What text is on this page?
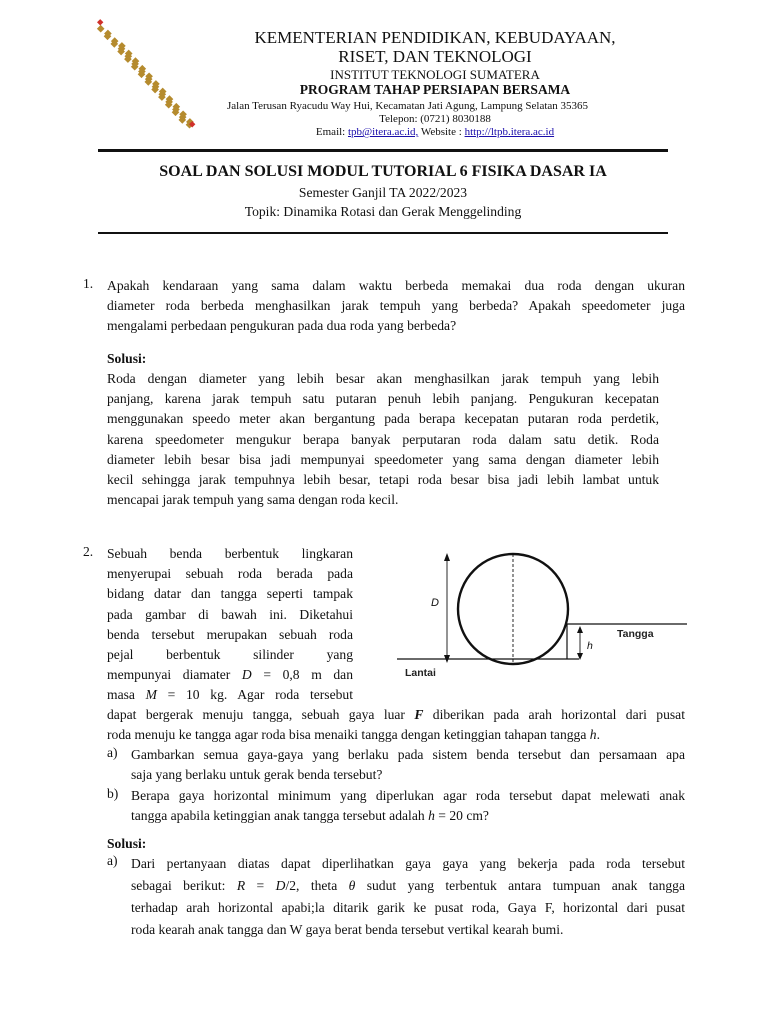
KEMENTERIAN PENDIDIKAN, KEBUDAYAAN,
RISET, DAN TEKNOLOGI
INSTITUT TEKNOLOGI SUMATERA
PROGRAM TAHAP PERSIAPAN BERSAMA
Jalan Terusan Ryacudu Way Hui, Kecamatan Jati Agung, Lampung Selatan 35365
Telepon: (0721) 8030188
Email: tpb@itera.ac.id, Website : http://ltpb.itera.ac.id
SOAL DAN SOLUSI MODUL TUTORIAL 6 FISIKA DASAR IA
Semester Ganjil TA 2022/2023
Topik: Dinamika Rotasi dan Gerak Menggelinding
1. Apakah kendaraan yang sama dalam waktu berbeda memakai dua roda dengan ukuran

diameter roda berbeda menghasilkan jarak tempuh yang berbeda? Apakah speedometer juga

mengalami perbedaan pengukuran pada dua roda yang berbeda?

Solusi:

Roda dengan diameter yang lebih besar akan menghasilkan jarak tempuh yang lebih

panjang, karena jarak tempuh satu putaran penuh lebih panjang. Pengukuran kecepatan

menggunakan speedo meter akan bergantung pada berapa kecepatan putaran roda perdetik,

karena speedometer mengukur berapa banyak perputaran roda dalam satu detik. Roda

diameter lebih besar bisa jadi mempunyai speedometer yang sama dengan diameter lebih

kecil sehingga jarak tempuhnya lebih besar, tetapi roda besar bisa jadi lebih lambat untuk

mencapai jarak tempuh yang sama dengan roda kecil.

2. Sebuah benda berbentuk lingkaran

menyerupai sebuah roda berada pada

bidang datar dan tangga seperti tampak

pada gambar di bawah ini. Diketahui

benda tersebut merupakan sebuah roda

pejal berbentuk silinder yang

mempunyai diamater D = 0,8 m dan

masa M = 10 kg. Agar roda tersebut

dapat bergerak menuju tangga, sebuah gaya luar F diberikan pada arah horizontal dari pusat

roda menuju ke tangga agar roda bisa menaiki tangga dengan ketinggian tahapan tangga h.

a) Gambarkan semua gaya-gaya yang berlaku pada sistem benda tersebut dan persamaan apa

saja yang berlaku untuk gerak benda tersebut?

b) Berapa gaya horizontal minimum yang diperlukan agar roda tersebut dapat melewati anak

tangga apabila ketinggian anak tangga tersebut adalah h = 20 cm?

Solusi:
a) Dari pertanyaan diatas dapat diperlihatkan gaya gaya yang bekerja pada roda tersebut

sebagai berikut: R = D/2, theta θ sudut yang terbentuk antara tumpuan anak tangga

terhadap arah horizontal apabi;la ditarik garik ke pusat roda, Gaya F, horizontal dari pusat

roda kearah anak tangga dan W gaya berat benda tersebut vertikal kearah bumi.

D
Tangga
h
Lantai
